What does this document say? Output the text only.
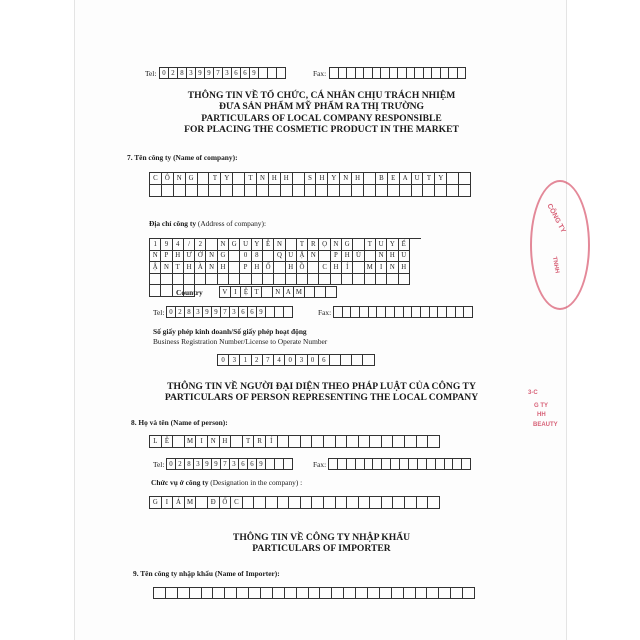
Tel: 0 2 8 3 9 9 7 3 6 6 9	Fax:
THÔNG TIN VỀ TỔ CHỨC, CÁ NHÂN CHỊU TRÁCH NHIỆM
ĐƯA SẢN PHẨM MỸ PHẨM RA THỊ TRƯỜNG
PARTICULARS OF LOCAL COMPANY RESPONSIBLE
FOR PLACING THE COSMETIC PRODUCT IN THE MARKET
7. Tên công ty (Name of company):
C	Ô	N	G	T	Y	T	N	H	H	S	H	Y	N	H	B	E	A	U	T	Y
Địa chỉ công ty (Address of company):
1	9	4	/	2	N G U Y Ễ N	T	R Ọ N G	T U Y Ể
N	P	H Ư Ờ N G	0	8	Q U Ậ N	P	H Ú	N H U
Ậ N T H À N H	P	H Ố	H Ồ	C H	Í	M	I	N H
Country	V	I	Ệ T	N A M
Tel: 0 2 8 3 9 9 7 3 6 6 9	Fax:
Số giấy phép kinh doanh/Số giấy phép hoạt động
Business Registration Number/License to Operate Number
0	3	1	2	7	4	0	3	0	6
THÔNG TIN VỀ NGƯỜI ĐẠI DIỆN THEO PHÁP LUẬT CỦA CÔNG TY
PARTICULARS OF PERSON REPRESENTING THE LOCAL COMPANY
8. Họ và tên (Name of person):
L	Ê	M	I	N H	T	R	Í
Tel: 0 2 8 3 9 9 7 3 6 6 9	Fax:
Chức vụ ở công ty (Designation in the company) :
G	I	Á M	Đ Ố	C
THÔNG TIN VỀ CÔNG TY NHẬP KHẨU
PARTICULARS OF IMPORTER
9. Tên công ty nhập khẩu (Name of Importer):
CÔNG TY
TNHH
3-C
G TY
HH
BEAUTY
